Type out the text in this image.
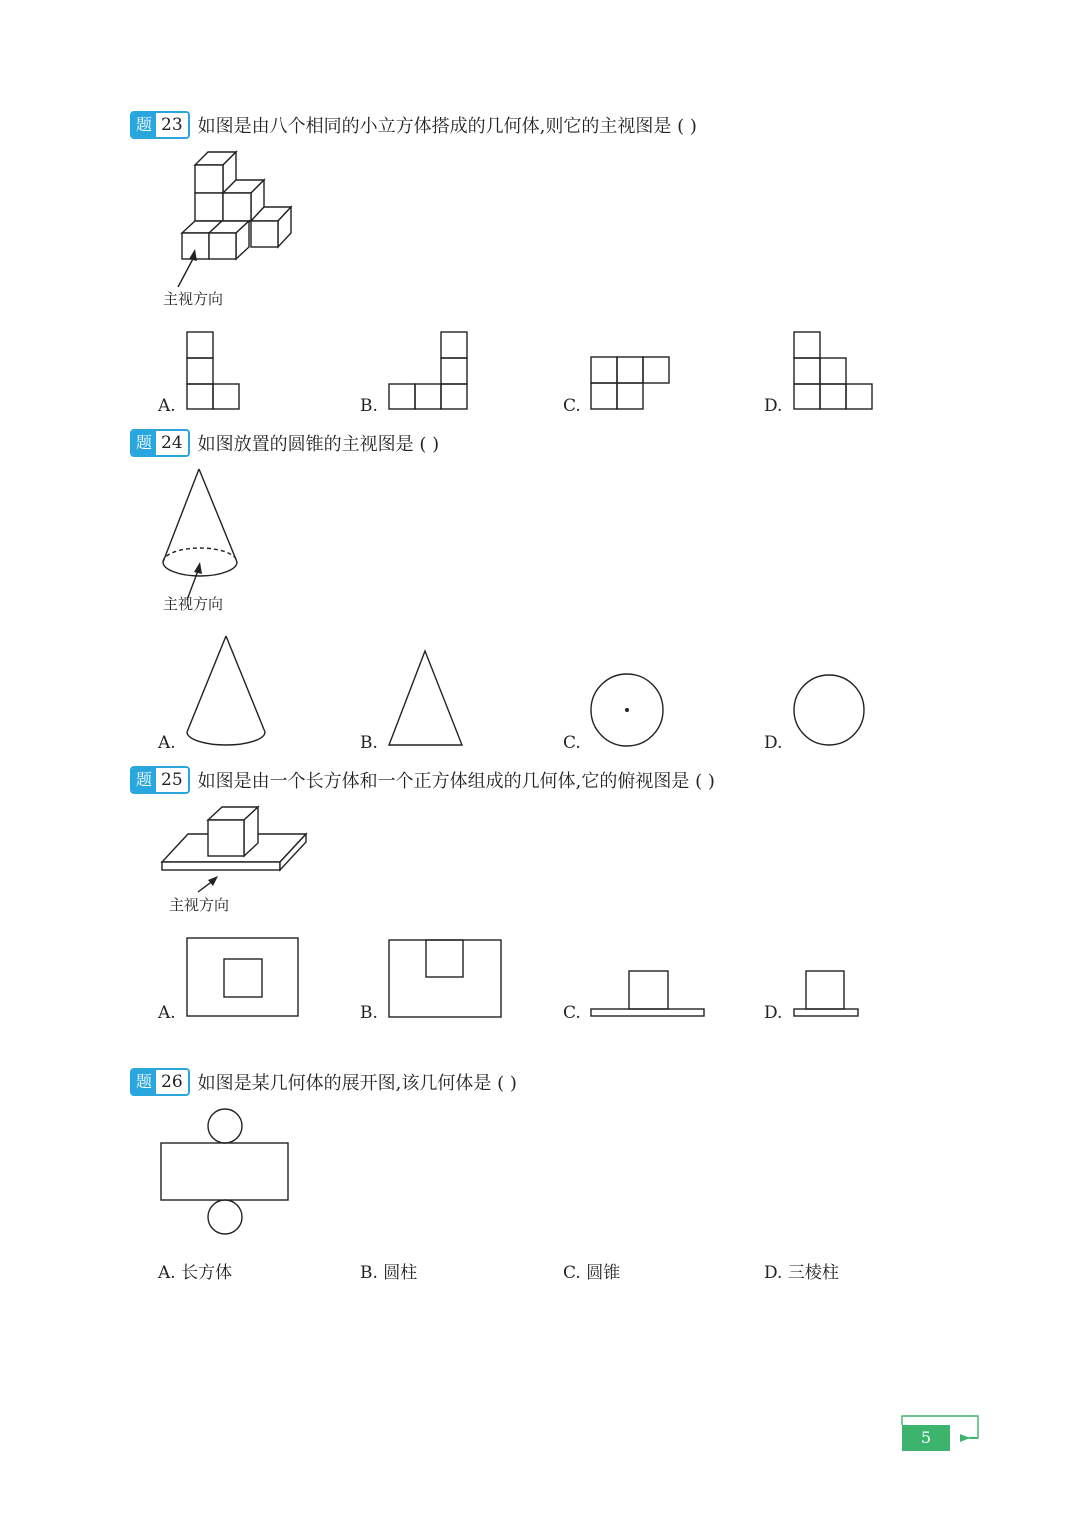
题 23 如图是由八个相同的小立方体搭成的几何体,则它的主视图是 ( )
主视方向
A.	B.	C.	D.
题 24 如图放置的圆锥的主视图是 ( )
主视方向
A.	B.	C.	D.
题 25 如图是由一个长方体和一个正方体组成的几何体,它的俯视图是 ( )
主视方向
A.	B.	C.	D.
题 26 如图是某几何体的展开图,该几何体是 ( )
A. 长方体	B. 圆柱	C. 圆锥	D. 三棱柱
5
